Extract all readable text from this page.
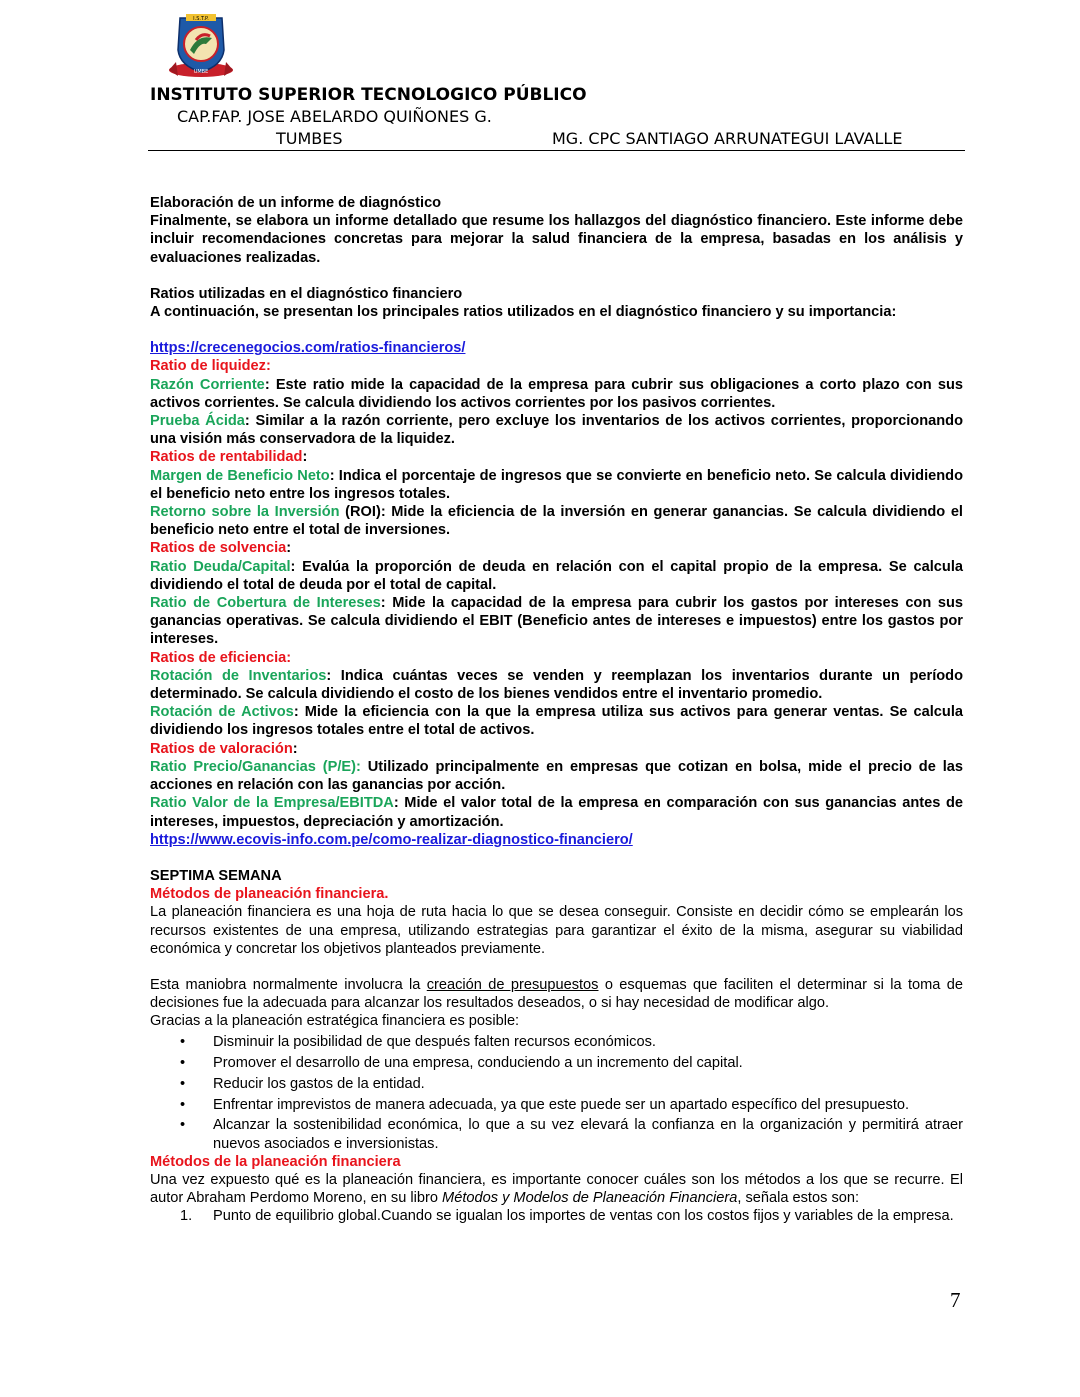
I.S.T.P.
UMBE
INSTITUTO SUPERIOR TECNOLOGICO PÚBLICO
CAP.FAP. JOSE ABELARDO QUIÑONES G.
TUMBES	MG. CPC SANTIAGO ARRUNATEGUI LAVALLE

Elaboración de un informe de diagnóstico

Finalmente, se elabora un informe detallado que resume los hallazgos del diagnóstico financiero. Este informe debe incluir recomendaciones concretas para mejorar la salud financiera de la empresa, basadas en los análisis y evaluaciones realizadas.

Ratios utilizadas en el diagnóstico financiero

A continuación, se presentan los principales ratios utilizados en el diagnóstico financiero y su importancia:

https://crecenegocios.com/ratios-financieros/

Ratio de liquidez:

Razón Corriente: Este ratio mide la capacidad de la empresa para cubrir sus obligaciones a corto plazo con sus activos corrientes. Se calcula dividiendo los activos corrientes por los pasivos corrientes.

Prueba Ácida: Similar a la razón corriente, pero excluye los inventarios de los activos corrientes, proporcionando una visión más conservadora de la liquidez.

Ratios de rentabilidad:

Margen de Beneficio Neto: Indica el porcentaje de ingresos que se convierte en beneficio neto. Se calcula dividiendo el beneficio neto entre los ingresos totales.

Retorno sobre la Inversión (ROI): Mide la eficiencia de la inversión en generar ganancias. Se calcula dividiendo el beneficio neto entre el total de inversiones.

Ratios de solvencia:

Ratio Deuda/Capital: Evalúa la proporción de deuda en relación con el capital propio de la empresa. Se calcula dividiendo el total de deuda por el total de capital.

Ratio de Cobertura de Intereses: Mide la capacidad de la empresa para cubrir los gastos por intereses con sus ganancias operativas. Se calcula dividiendo el EBIT (Beneficio antes de intereses e impuestos) entre los gastos por intereses.

Ratios de eficiencia:

Rotación de Inventarios: Indica cuántas veces se venden y reemplazan los inventarios durante un período determinado. Se calcula dividiendo el costo de los bienes vendidos entre el inventario promedio.

Rotación de Activos: Mide la eficiencia con la que la empresa utiliza sus activos para generar ventas. Se calcula dividiendo los ingresos totales entre el total de activos.

Ratios de valoración:

Ratio Precio/Ganancias (P/E): Utilizado principalmente en empresas que cotizan en bolsa, mide el precio de las acciones en relación con las ganancias por acción.

Ratio Valor de la Empresa/EBITDA: Mide el valor total de la empresa en comparación con sus ganancias antes de intereses, impuestos, depreciación y amortización.

https://www.ecovis-info.com.pe/como-realizar-diagnostico-financiero/

SEPTIMA SEMANA

Métodos de planeación financiera.

La planeación financiera es una hoja de ruta hacia lo que se desea conseguir. Consiste en decidir cómo se emplearán los recursos existentes de una empresa, utilizando estrategias para garantizar el éxito de la misma, asegurar su viabilidad económica y concretar los objetivos planteados previamente.

Esta maniobra normalmente involucra la creación de presupuestos o esquemas que faciliten el determinar si la toma de decisiones fue la adecuada para alcanzar los resultados deseados, o si hay necesidad de modificar algo.

Gracias a la planeación estratégica financiera es posible:

• Disminuir la posibilidad de que después falten recursos económicos.

• Promover el desarrollo de una empresa, conduciendo a un incremento del capital.

• Reducir los gastos de la entidad.

• Enfrentar imprevistos de manera adecuada, ya que este puede ser un apartado específico del presupuesto.

• Alcanzar la sostenibilidad económica, lo que a su vez elevará la confianza en la organización y permitirá atraer nuevos asociados e inversionistas.

Métodos de la planeación financiera

Una vez expuesto qué es la planeación financiera, es importante conocer cuáles son los métodos a los que se recurre. El autor Abraham Perdomo Moreno, en su libro Métodos y Modelos de Planeación Financiera, señala estos son:

1. Punto de equilibrio global.Cuando se igualan los importes de ventas con los costos fijos y variables de la empresa.

7
